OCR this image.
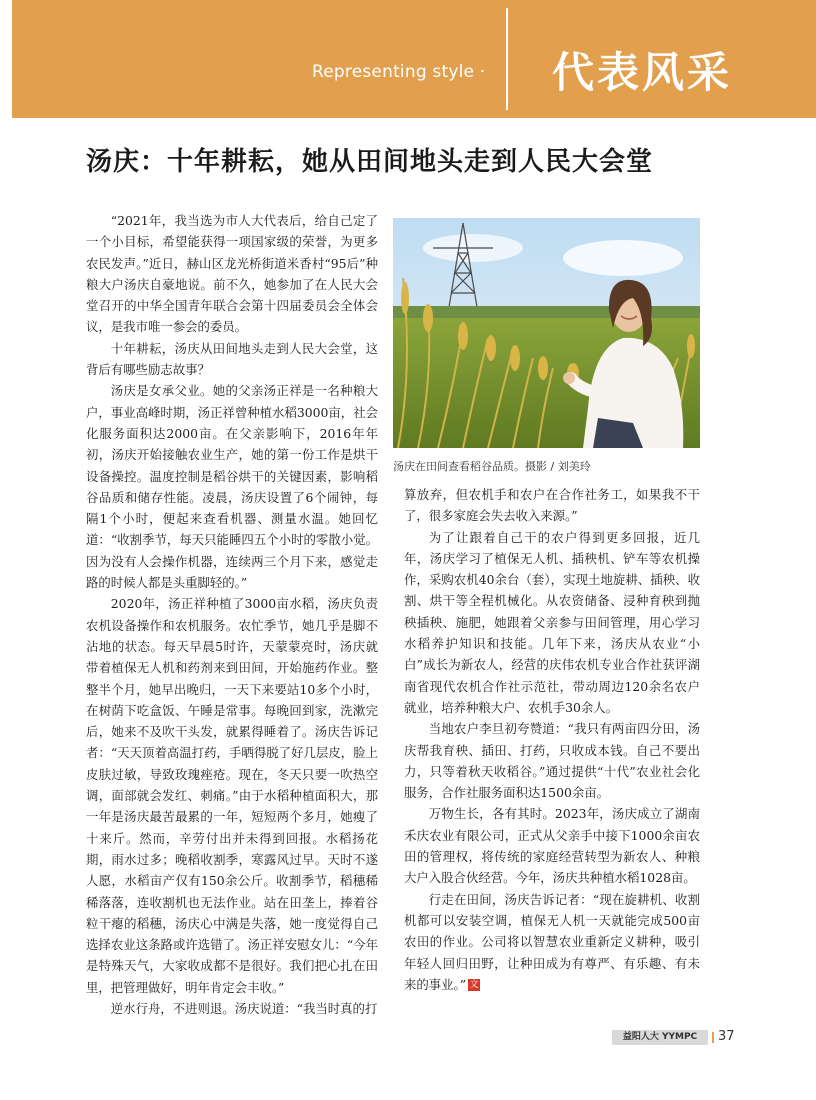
Representing style · 代表风采
汤庆：十年耕耘，她从田间地头走到人民大会堂

“2021年，我当选为市人大代表后，给自己定了一个小目标，希望能获得一项国家级的荣誉，为更多农民发声。”近日，赫山区龙光桥街道米香村“95后”种粮大户汤庆自豪地说。前不久，她参加了在人民大会堂召开的中华全国青年联合会第十四届委员会全体会议，是我市唯一参会的委员。

十年耕耘，汤庆从田间地头走到人民大会堂，这背后有哪些励志故事？

汤庆是女承父业。她的父亲汤正祥是一名种粮大户，事业高峰时期，汤正祥曾种植水稻3000亩，社会化服务面积达2000亩。在父亲影响下，2016年年初，汤庆开始接触农业生产，她的第一份工作是烘干设备操控。温度控制是稻谷烘干的关键因素，影响稻谷品质和储存性能。凌晨，汤庆设置了6个闹钟，每隔1个小时，便起来查看机器、测量水温。她回忆道：“收割季节，每天只能睡四五个小时的零散小觉。因为没有人会操作机器，连续两三个月下来，感觉走路的时候人都是头重脚轻的。”

2020年，汤正祥种植了3000亩水稻，汤庆负责农机设备操作和农机服务。农忙季节，她几乎是脚不沾地的状态。每天早晨5时许，天蒙蒙亮时，汤庆就带着植保无人机和药剂来到田间，开始施药作业。整整半个月，她早出晚归，一天下来要站10多个小时，在树荫下吃盒饭、午睡是常事。每晚回到家，洗漱完后，她来不及吹干头发，就累得睡着了。汤庆告诉记者：“天天顶着高温打药，手晒得脱了好几层皮，脸上皮肤过敏，导致玫瑰痤疮。现在，冬天只要一吹热空调，面部就会发红、刺痛。”由于水稻种植面积大，那一年是汤庆最苦最累的一年，短短两个多月，她瘦了十来斤。然而，辛劳付出并未得到回报。水稻扬花期，雨水过多；晚稻收割季，寒露风过早。天时不遂人愿，水稻亩产仅有150余公斤。收割季节，稻穗稀稀落落，连收割机也无法作业。站在田垄上，捧着谷粒干瘪的稻穗，汤庆心中满是失落，她一度觉得自己选择农业这条路或许选错了。汤正祥安慰女儿：“今年是特殊天气，大家收成都不是很好。我们把心扎在田里，把管理做好，明年肯定会丰收。”

逆水行舟，不进则退。汤庆说道：“我当时真的打

汤庆在田间查看稻谷品质。摄影 / 刘美玲

算放弃，但农机手和农户在合作社务工，如果我不干了，很多家庭会失去收入来源。”

为了让跟着自己干的农户得到更多回报，近几年，汤庆学习了植保无人机、插秧机、铲车等农机操作，采购农机40余台（套），实现土地旋耕、插秧、收割、烘干等全程机械化。从农资储备、浸种育秧到抛秧插秧、施肥，她跟着父亲参与田间管理，用心学习水稻养护知识和技能。几年下来，汤庆从农业“小白”成长为新农人，经营的庆伟农机专业合作社获评湖南省现代农机合作社示范社，带动周边120余名农户就业，培养种粮大户、农机手30余人。

当地农户李旦初夸赞道：“我只有两亩四分田，汤庆帮我育秧、插田、打药，只收成本钱。自己不要出力，只等着秋天收稻谷。”通过提供“十代”农业社会化服务，合作社服务面积达1500余亩。

万物生长，各有其时。2023年，汤庆成立了湖南禾庆农业有限公司，正式从父亲手中接下1000余亩农田的管理权，将传统的家庭经营转型为新农人、种粮大户入股合伙经营。今年，汤庆共种植水稻1028亩。

行走在田间，汤庆告诉记者：“现在旋耕机、收割机都可以安装空调，植保无人机一天就能完成500亩农田的作业。公司将以智慧农业重新定义耕种，吸引年轻人回归田野，让种田成为有尊严、有乐趣、有未来的事业。” 文

益阳人大 YYMPC	37
